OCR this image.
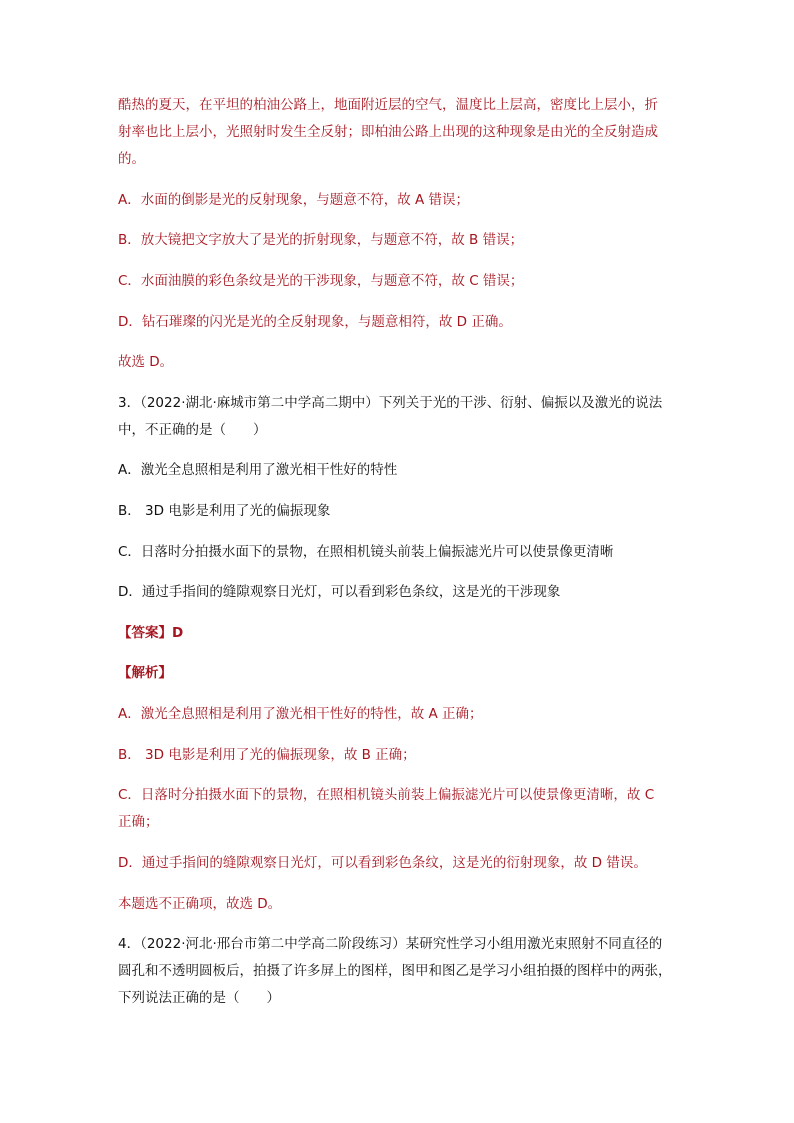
酷热的夏天，在平坦的柏油公路上，地面附近层的空气，温度比上层高，密度比上层小，折
射率也比上层小，光照射时发生全反射；即柏油公路上出现的这种现象是由光的全反射造成
的。
A．水面的倒影是光的反射现象，与题意不符，故 A 错误；
B．放大镜把文字放大了是光的折射现象，与题意不符，故 B 错误；
C．水面油膜的彩色条纹是光的干涉现象，与题意不符，故 C 错误；
D．钻石璀璨的闪光是光的全反射现象，与题意相符，故 D 正确。
故选 D。
3．（2022·湖北·麻城市第二中学高二期中）下列关于光的干涉、衍射、偏振以及激光的说法
中，不正确的是（　　）
A．激光全息照相是利用了激光相干性好的特性
B． 3D 电影是利用了光的偏振现象
C．日落时分拍摄水面下的景物，在照相机镜头前装上偏振滤光片可以使景像更清晰
D．通过手指间的缝隙观察日光灯，可以看到彩色条纹，这是光的干涉现象
【答案】D
【解析】
A．激光全息照相是利用了激光相干性好的特性，故 A 正确；
B． 3D 电影是利用了光的偏振现象，故 B 正确；
C．日落时分拍摄水面下的景物，在照相机镜头前装上偏振滤光片可以使景像更清晰，故 C
正确；
D．通过手指间的缝隙观察日光灯，可以看到彩色条纹，这是光的衍射现象，故 D 错误。
本题选不正确项，故选 D。
4．（2022·河北·邢台市第二中学高二阶段练习）某研究性学习小组用激光束照射不同直径的
圆孔和不透明圆板后，拍摄了许多屏上的图样，图甲和图乙是学习小组拍摄的图样中的两张，
下列说法正确的是（　　）
